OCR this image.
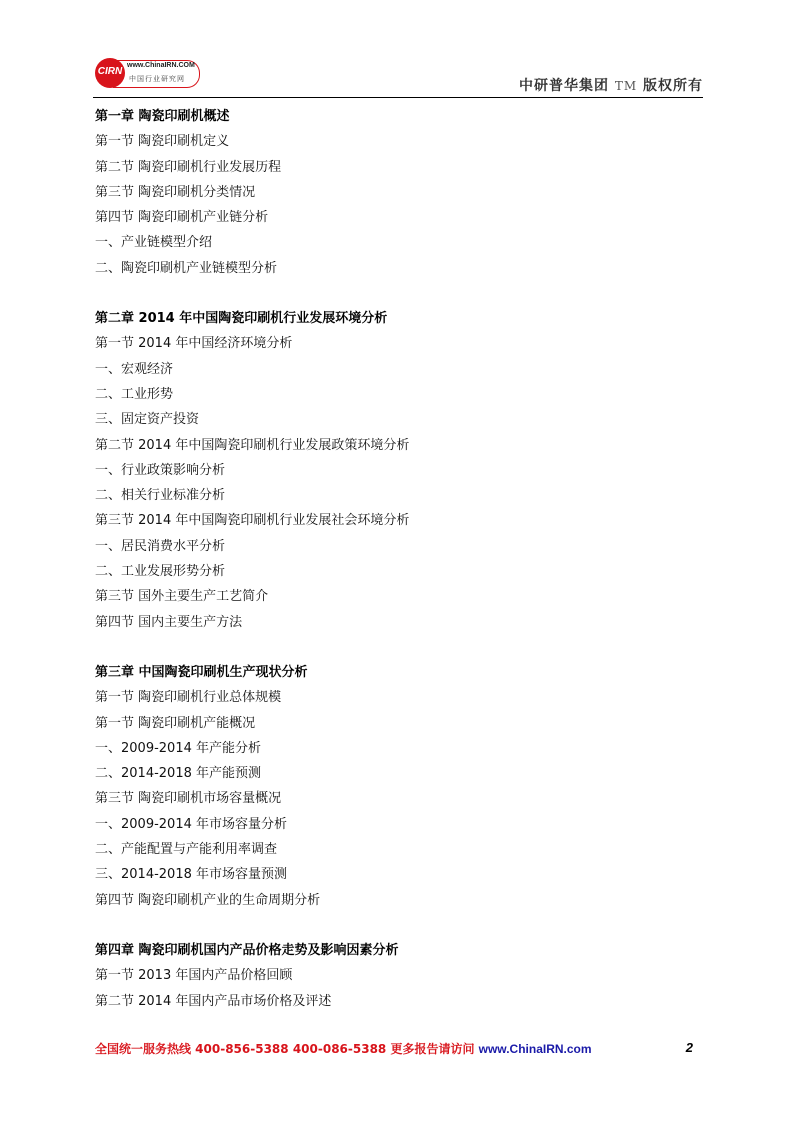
CIRN
www.ChinaIRN.COM
中国行业研究网	中研普华集团 TM 版权所有
第一章 陶瓷印刷机概述
第一节 陶瓷印刷机定义
第二节 陶瓷印刷机行业发展历程
第三节 陶瓷印刷机分类情况
第四节 陶瓷印刷机产业链分析
一、产业链模型介绍
二、陶瓷印刷机产业链模型分析
第二章 2014 年中国陶瓷印刷机行业发展环境分析
第一节 2014 年中国经济环境分析
一、宏观经济
二、工业形势
三、固定资产投资
第二节 2014 年中国陶瓷印刷机行业发展政策环境分析
一、行业政策影响分析
二、相关行业标准分析
第三节 2014 年中国陶瓷印刷机行业发展社会环境分析
一、居民消费水平分析
二、工业发展形势分析
第三节 国外主要生产工艺简介
第四节 国内主要生产方法
第三章 中国陶瓷印刷机生产现状分析
第一节 陶瓷印刷机行业总体规模
第一节 陶瓷印刷机产能概况
一、2009-2014 年产能分析
二、2014-2018 年产能预测
第三节 陶瓷印刷机市场容量概况
一、2009-2014 年市场容量分析
二、产能配置与产能利用率调查
三、2014-2018 年市场容量预测
第四节 陶瓷印刷机产业的生命周期分析
第四章 陶瓷印刷机国内产品价格走势及影响因素分析
第一节 2013 年国内产品价格回顾
第二节 2014 年国内产品市场价格及评述
全国统一服务热线 400-856-5388 400-086-5388 更多报告请访问 www.ChinaIRN.com	2
